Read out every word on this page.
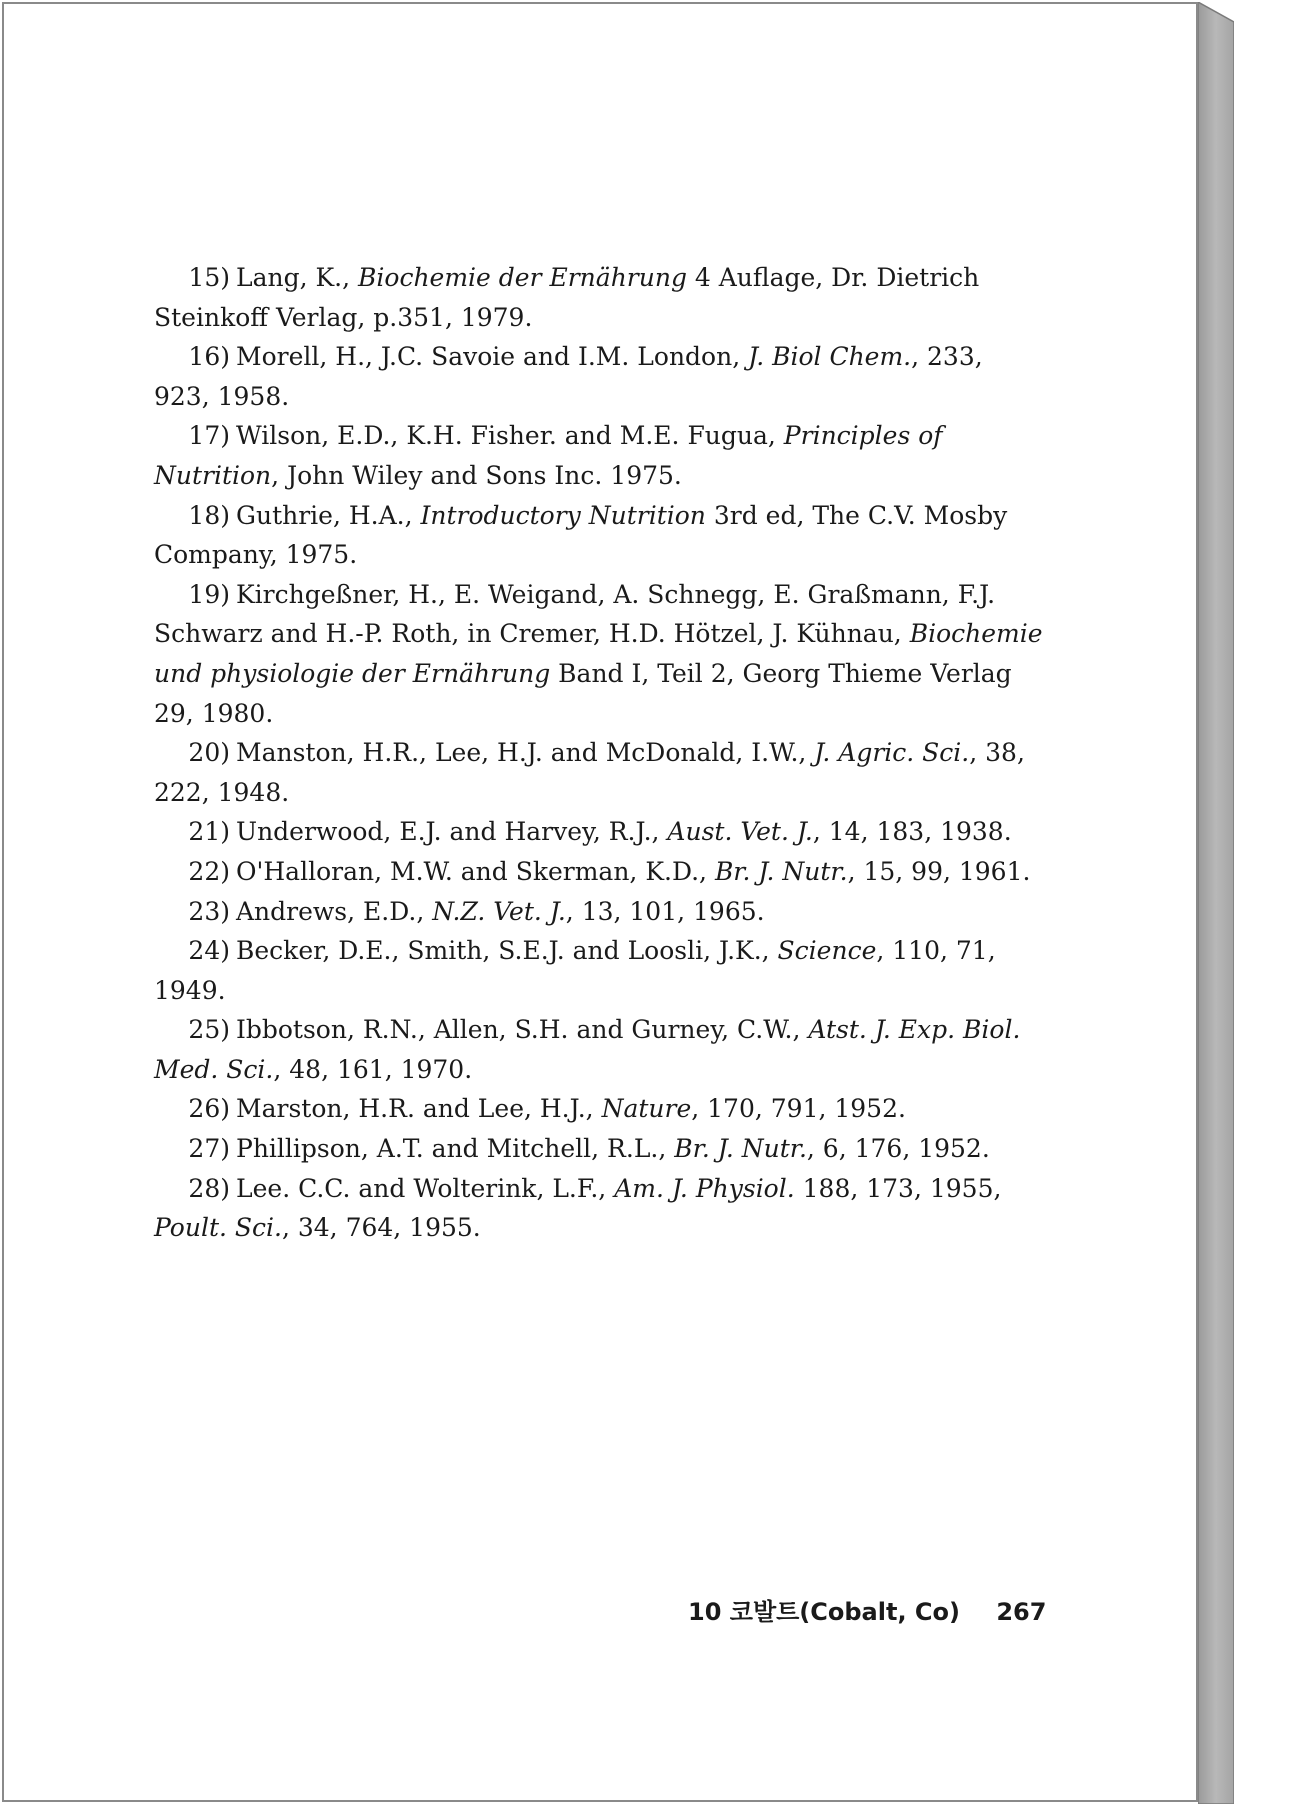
15) Lang, K., Biochemie der Ernährung 4 Auflage, Dr. Dietrich Steinkoff Verlag, p.351, 1979.
16) Morell, H., J.C. Savoie and I.M. London, J. Biol Chem., 233, 923, 1958.
17) Wilson, E.D., K.H. Fisher. and M.E. Fugua, Principles of Nutrition, John Wiley and Sons Inc. 1975.
18) Guthrie, H.A., Introductory Nutrition 3rd ed, The C.V. Mosby Company, 1975.
19) Kirchgeßner, H., E. Weigand, A. Schnegg, E. Graßmann, F.J. Schwarz and H.-P. Roth, in Cremer, H.D. Hötzel, J. Kühnau, Biochemie und physiologie der Ernährung Band I, Teil 2, Georg Thieme Verlag 29, 1980.
20) Manston, H.R., Lee, H.J. and McDonald, I.W., J. Agric. Sci., 38, 222, 1948.
21) Underwood, E.J. and Harvey, R.J., Aust. Vet. J., 14, 183, 1938.
22) O'Halloran, M.W. and Skerman, K.D., Br. J. Nutr., 15, 99, 1961.
23) Andrews, E.D., N.Z. Vet. J., 13, 101, 1965.
24) Becker, D.E., Smith, S.E.J. and Loosli, J.K., Science, 110, 71, 1949.
25) Ibbotson, R.N., Allen, S.H. and Gurney, C.W., Atst. J. Exp. Biol. Med. Sci., 48, 161, 1970.
26) Marston, H.R. and Lee, H.J., Nature, 170, 791, 1952.
27) Phillipson, A.T. and Mitchell, R.L., Br. J. Nutr., 6, 176, 1952.
28) Lee. C.C. and Wolterink, L.F., Am. J. Physiol. 188, 173, 1955, Poult. Sci., 34, 764, 1955.
10 코발트(Cobalt, Co) 267
